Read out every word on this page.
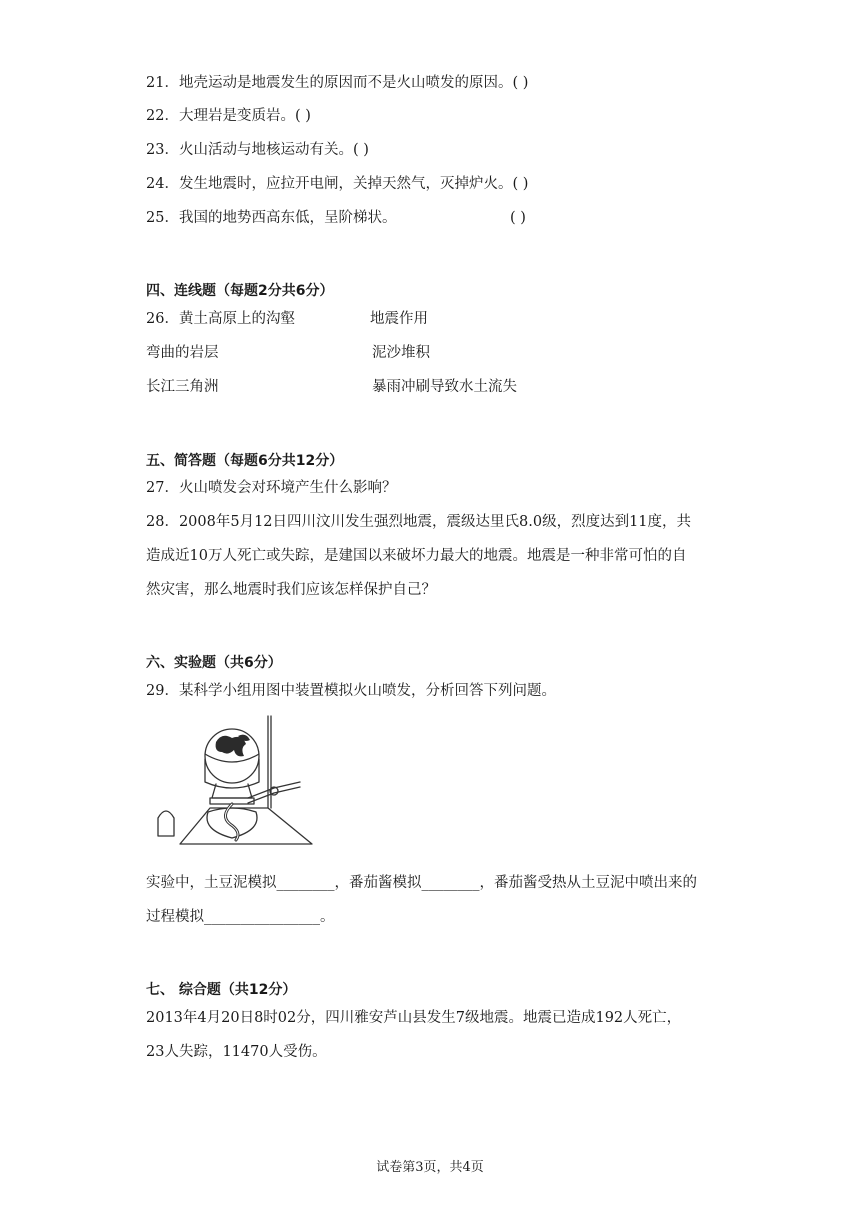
21．地壳运动是地震发生的原因而不是火山喷发的原因。( )
22．大理岩是变质岩。( )
23．火山活动与地核运动有关。( )
24．发生地震时，应拉开电闸，关掉天然气，灭掉炉火。( )
25．我国的地势西高东低，呈阶梯状。	( )
四、连线题（每题2分共6分）
26．黄土高原上的沟壑	地震作用
弯曲的岩层	泥沙堆积
长江三角洲	暴雨冲刷导致水土流失
五、简答题（每题6分共12分）
27．火山喷发会对环境产生什么影响？
28．2008年5月12日四川汶川发生强烈地震，震级达里氏8.0级，烈度达到11度，共
造成近10万人死亡或失踪，是建国以来破坏力最大的地震。地震是一种非常可怕的自
然灾害，那么地震时我们应该怎样保护自己？
六、实验题（共6分）
29．某科学小组用图中装置模拟火山喷发，分析回答下列问题。
实验中，土豆泥模拟________，番茄酱模拟________，番茄酱受热从土豆泥中喷出来的
过程模拟________________。
七、 综合题（共12分）
2013年4月20日8时02分，四川雅安芦山县发生7级地震。地震已造成192人死亡，
23人失踪，11470人受伤。
试卷第3页，共4页
